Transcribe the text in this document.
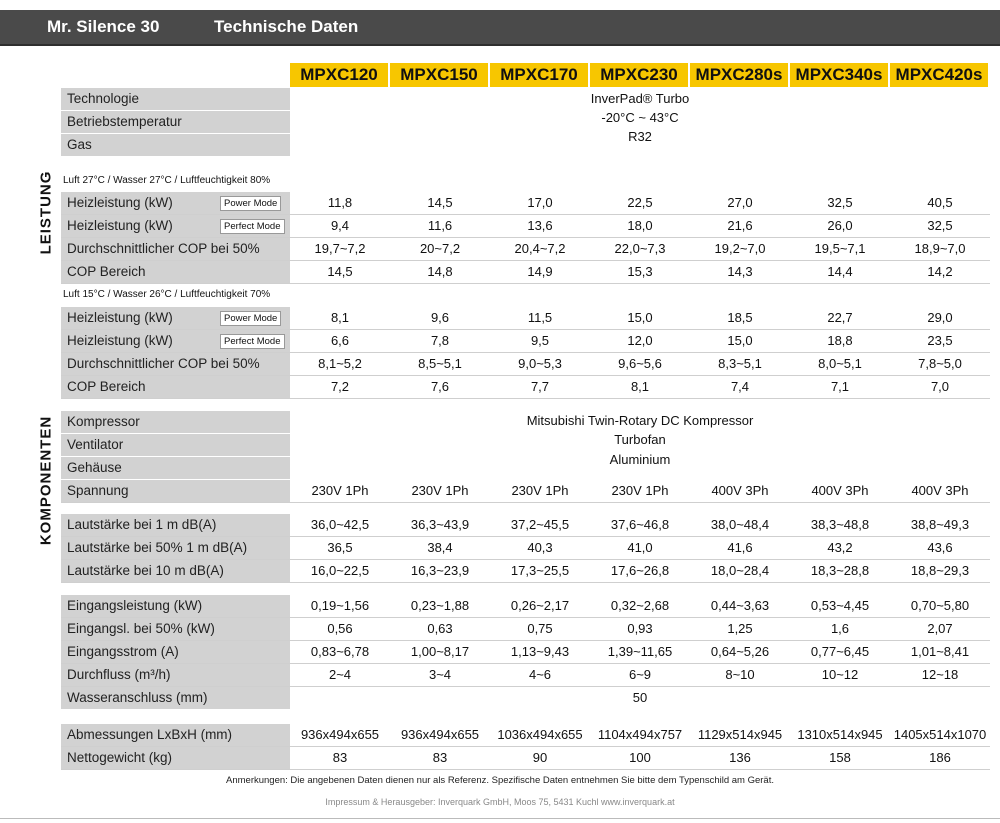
Mr. Silence 30	Technische Daten
MPXC120	MPXC150	MPXC170	MPXC230	MPXC280s MPXC340s MPXC420s
Technologie
Betriebstemperatur
Gas
InverPad® Turbo
-20°C ~ 43°C
R32
LEISTUNG Luft 27°C / Wasser 27°C / Luftfeuchtigkeit 80%
Heizleistung (kW)	Power Mode	11,8	14,5	17,0	22,5	27,0	32,5	40,5
Heizleistung (kW)	Perfect Mode	9,4	11,6	13,6	18,0	21,6	26,0	32,5
Durchschnittlicher COP bei 50%	19,7~7,2	20~7,2	20,4~7,2	22,0~7,3	19,2~7,0	19,5~7,1	18,9~7,0
COP Bereich	14,5	14,8	14,9	15,3	14,3	14,4	14,2
Luft 15°C / Wasser 26°C / Luftfeuchtigkeit 70%
Heizleistung (kW)	Power Mode	8,1	9,6	11,5	15,0	18,5	22,7	29,0
Heizleistung (kW)	Perfect Mode	6,6	7,8	9,5	12,0	15,0	18,8	23,5
Durchschnittlicher COP bei 50%	8,1~5,2	8,5~5,1	9,0~5,3	9,6~5,6	8,3~5,1	8,0~5,1	7,8~5,0
COP Bereich	7,2	7,6	7,7	8,1	7,4	7,1	7,0
KOMPONENTEN Kompressor
Ventilator
Gehäuse
Mitsubishi Twin-Rotary DC Kompressor
Turbofan
Aluminium
Spannung	230V 1Ph	230V 1Ph	230V 1Ph	230V 1Ph	400V 3Ph	400V 3Ph	400V 3Ph
Lautstärke bei 1 m dB(A)	36,0~42,5	36,3~43,9	37,2~45,5	37,6~46,8	38,0~48,4	38,3~48,8	38,8~49,3
Lautstärke bei 50% 1 m dB(A)	36,5	38,4	40,3	41,0	41,6	43,2	43,6
Lautstärke bei 10 m dB(A)	16,0~22,5	16,3~23,9	17,3~25,5	17,6~26,8	18,0~28,4	18,3~28,8	18,8~29,3
Eingangsleistung (kW)	0,19~1,56	0,23~1,88	0,26~2,17	0,32~2,68	0,44~3,63	0,53~4,45	0,70~5,80
Eingangsl. bei 50% (kW)	0,56	0,63	0,75	0,93	1,25	1,6	2,07
Eingangsstrom (A)	0,83~6,78	1,00~8,17	1,13~9,43	1,39~11,65	0,64~5,26	0,77~6,45	1,01~8,41
Durchfluss (m³/h)	2~4	3~4	4~6	6~9	8~10	10~12	12~18
Wasseranschluss (mm)	50
Abmessungen LxBxH (mm)	936x494x655	936x494x655	1036x494x655	1104x494x757	1129x514x945	1310x514x945 1405x514x1070
Nettogewicht (kg)	83	83	90	100	136	158	186
Anmerkungen: Die angebenen Daten dienen nur als Referenz. Spezifische Daten entnehmen Sie bitte dem Typenschild am Gerät.
Impressum & Herausgeber: Inverquark GmbH, Moos 75, 5431 Kuchl www.inverquark.at
